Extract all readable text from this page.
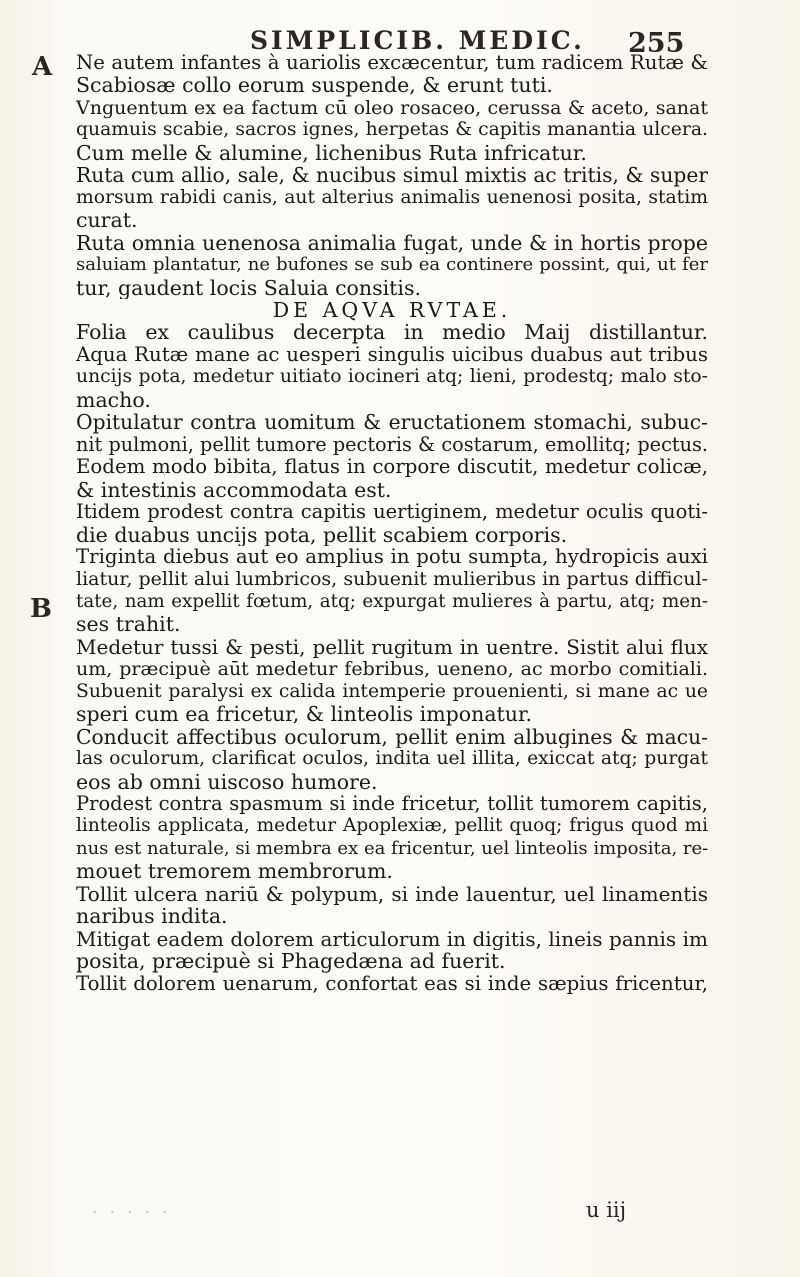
SIMPLICIB. MEDIC. 255
A
B
Ne autem infantes à uariolis excæcentur, tum radicem Rutæ &
Scabiosæ collo eorum suspende, & erunt tuti.
Vnguentum ex ea factum cū oleo rosaceo, cerussa & aceto, sanat
quamuis scabie, sacros ignes, herpetas & capitis manantia ulcera.
Cum melle & alumine, lichenibus Ruta infricatur.
Ruta cum allio, sale, & nucibus simul mixtis ac tritis, & super
morsum rabidi canis, aut alterius animalis uenenosi posita, statim
curat.
Ruta omnia uenenosa animalia fugat, unde & in hortis prope
saluiam plantatur, ne bufones se sub ea continere possint, qui, ut fer
tur, gaudent locis Saluia consitis.
DE AQVA RVTAE.
Folia ex caulibus decerpta in medio Maij distillantur.
Aqua Rutæ mane ac uesperi singulis uicibus duabus aut tribus
uncijs pota, medetur uitiato iocineri atq; lieni, prodestq; malo sto-
macho.
Opitulatur contra uomitum & eructationem stomachi, subuc-
nit pulmoni, pellit tumore pectoris & costarum, emollitq; pectus.
Eodem modo bibita, flatus in corpore discutit, medetur colicæ,
& intestinis accommodata est.
Itidem prodest contra capitis uertiginem, medetur oculis quoti-
die duabus uncijs pota, pellit scabiem corporis.
Triginta diebus aut eo amplius in potu sumpta, hydropicis auxi
liatur, pellit alui lumbricos, subuenit mulieribus in partus difficul-
tate, nam expellit fœtum, atq; expurgat mulieres à partu, atq; men-
ses trahit.
Medetur tussi & pesti, pellit rugitum in uentre. Sistit alui flux
um, præcipuè aūt medetur febribus, ueneno, ac morbo comitiali.
Subuenit paralysi ex calida intemperie prouenienti, si mane ac ue
speri cum ea fricetur, & linteolis imponatur.
Conducit affectibus oculorum, pellit enim albugines & macu-
las oculorum, clarificat oculos, indita uel illita, exiccat atq; purgat
eos ab omni uiscoso humore.
Prodest contra spasmum si inde fricetur, tollit tumorem capitis,
linteolis applicata, medetur Apoplexiæ, pellit quoq; frigus quod mi
nus est naturale, si membra ex ea fricentur, uel linteolis imposita, re-
mouet tremorem membrorum.
Tollit ulcera nariū & polypum, si inde lauentur, uel linamentis
naribus indita.
Mitigat eadem dolorem articulorum in digitis, lineis pannis im
posita, præcipuè si Phagedæna ad fuerit.
Tollit dolorem uenarum, confortat eas si inde sæpius fricentur,
· · · · ·	u iij
